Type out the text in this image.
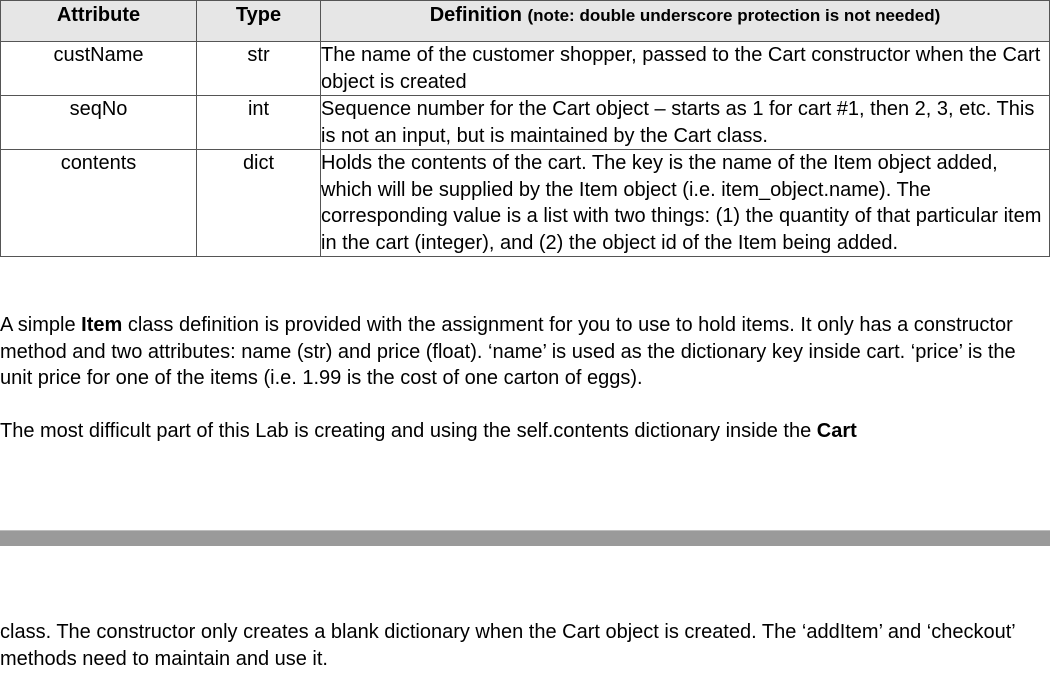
Attribute	Type	Definition (note: double underscore protection is not needed)
custName	str	The name of the customer shopper, passed to the Cart constructor when the Cart object is created
seqNo	int	Sequence number for the Cart object – starts as 1 for cart #1, then 2, 3, etc. This is not an input, but is maintained by the Cart class.
contents	dict	Holds the contents of the cart. The key is the name of the Item object added, which will be supplied by the Item object (i.e. item_object.name). The corresponding value is a list with two things: (1) the quantity of that particular item in the cart (integer), and (2) the object id of the Item being added.

A simple Item class definition is provided with the assignment for you to use to hold items. It only has a constructor method and two attributes: name (str) and price (float). ‘name’ is used as the dictionary key inside cart. ‘price’ is the unit price for one of the items (i.e. 1.99 is the cost of one carton of eggs).

The most difficult part of this Lab is creating and using the self.contents dictionary inside the Cart

class. The constructor only creates a blank dictionary when the Cart object is created. The ‘addItem’ and ‘checkout’ methods need to maintain and use it.
